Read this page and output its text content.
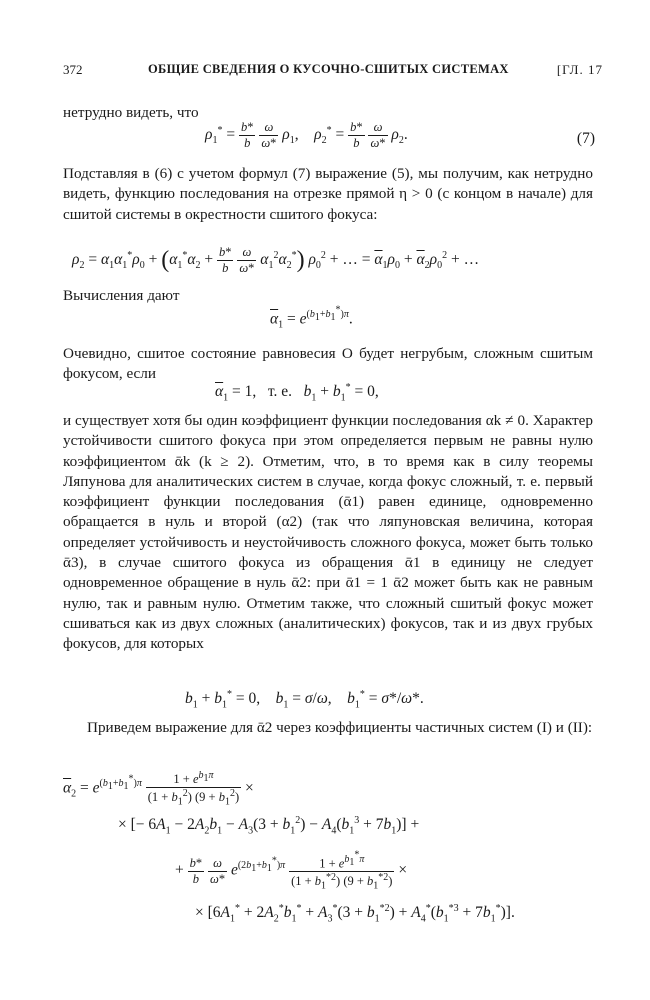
372	ОБЩИЕ СВЕДЕНИЯ О КУСОЧНО-СШИТЫХ СИСТЕМАХ	[ГЛ. 17
нетрудно видеть, что
$\rho_1^* = \frac{b*}{b}$
$\frac{\omega}{\omega*} \rho_1$,    $\rho_2^* = \frac{b*}{b}$
$\frac{\omega}{\omega*} \rho_2$.	(7)
Подставляя в (6) с учетом формул (7) выражение (5), мы получим, как нетрудно видеть, функцию последования на отрезке прямой η > 0 (с концом в начале) для сшитой системы в окрестности сшитого фокуса:
$\rho_2 = \alpha_1\alpha_1^*\rho_0 + (\alpha_1^*\alpha_2 + \frac{b*}{b}$
$\frac{\omega}{\omega*} \alpha_1^2\alpha_2^*$) $\rho_0^2$ + … = $\overline{\alpha}_1\rho_0 + \overline{\alpha}_2\rho_0^2$ + …
Вычисления дают
$\overline{\alpha}_1 = e^{(b_1+b_1^*)\pi}$.
Очевидно, сшитое состояние равновесия O будет негрубым, сложным сшитым фокусом, если
$\overline{\alpha}_1 = 1$,   т. е.   $b_1 + b_1^* = 0$,
и существует хотя бы один коэффициент функции последования αk ≠ 0. Характер устойчивости сшитого фокуса при этом определяется первым не равны нулю коэффициентом ᾱk (k ≥ 2). Отметим, что, в то время как в силу теоремы Ляпунова для аналитических систем в случае, когда фокус сложный, т. е. первый коэффициент функции последования (ᾱ1) равен единице, одновременно обращается в нуль и второй (α2) (так что ляпуновская величина, которая определяет устойчивость и неустойчивость сложного фокуса, может быть только ᾱ3), в случае сшитого фокуса из обращения ᾱ1 в единицу не следует одновременное обращение в нуль ᾱ2: при ᾱ1 = 1 ᾱ2 может быть как не равным нулю, так и равным нулю. Отметим также, что сложный сшитый фокус может сшиваться как из двух сложных (аналитических) фокусов, так и из двух грубых фокусов, для которых
$b_1 + b_1^* = 0$,    $b_1 = \sigma/\omega$,    $b_1^* = \sigma*/\omega*$.
Приведем выражение для ᾱ2 через коэффициенты частичных систем (I) и (II):
$\overline{\alpha}_2 = e^{(b_1+b_1^*)\pi} \frac{1 + e^{b_1\pi}}{(1 + b_1^2) (9 + b_1^2)}$ ×
× [− $6A_1 - 2A_2b_1 - A_3(3 + b_1^2) - A_4(b_1^3 + 7b_1)$] +
+ $\frac{b*}{b}$
$\frac{\omega}{\omega*} e^{(2b_1+b_1^*)\pi} \frac{1 + e^{b_1^*\pi}}{(1 + b_1^{*2}) (9 + b_1^{*2})}$ ×
× $[6A_1^* + 2A_2^*b_1^* + A_3^*(3 + b_1^{*2}) + A_4^*(b_1^{*3} + 7b_1^*)]$.
